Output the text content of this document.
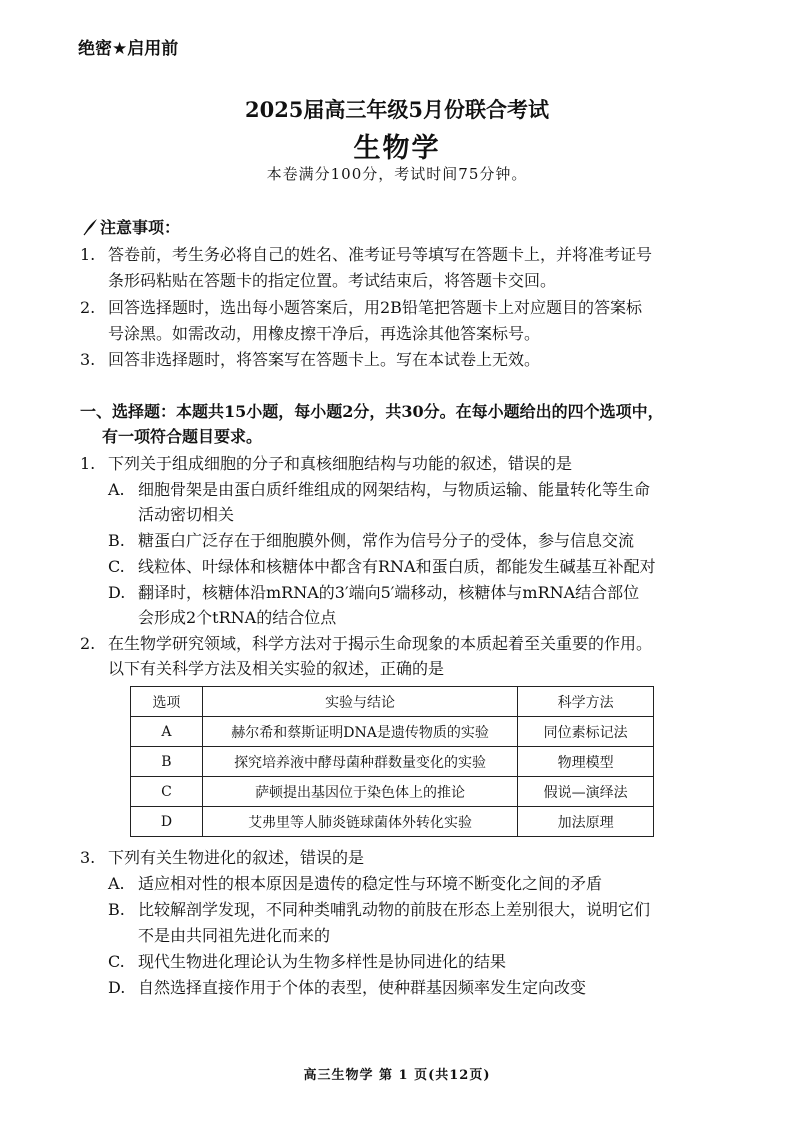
绝密★启用前
2025届高三年级5月份联合考试
生物学
本卷满分100分，考试时间75分钟。
注意事项：
1. 答卷前，考生务必将自己的姓名、准考证号等填写在答题卡上，并将准考证号
条形码粘贴在答题卡的指定位置。考试结束后，将答题卡交回。
2. 回答选择题时，选出每小题答案后，用2B铅笔把答题卡上对应题目的答案标
号涂黑。如需改动，用橡皮擦干净后，再选涂其他答案标号。
3. 回答非选择题时，将答案写在答题卡上。写在本试卷上无效。
一、选择题：本题共15小题，每小题2分，共30分。在每小题给出的四个选项中，
有一项符合题目要求。
1. 下列关于组成细胞的分子和真核细胞结构与功能的叙述，错误的是
A. 细胞骨架是由蛋白质纤维组成的网架结构，与物质运输、能量转化等生命
活动密切相关
B. 糖蛋白广泛存在于细胞膜外侧，常作为信号分子的受体，参与信息交流
C. 线粒体、叶绿体和核糖体中都含有RNA和蛋白质，都能发生碱基互补配对
D. 翻译时，核糖体沿mRNA的3′端向5′端移动，核糖体与mRNA结合部位
会形成2个tRNA的结合位点
2. 在生物学研究领域，科学方法对于揭示生命现象的本质起着至关重要的作用。
以下有关科学方法及相关实验的叙述，正确的是
选项	实验与结论	科学方法
A	赫尔希和蔡斯证明DNA是遗传物质的实验	同位素标记法
B	探究培养液中酵母菌种群数量变化的实验	物理模型
C	萨顿提出基因位于染色体上的推论	假说—演绎法
D	艾弗里等人肺炎链球菌体外转化实验	加法原理
3. 下列有关生物进化的叙述，错误的是
A. 适应相对性的根本原因是遗传的稳定性与环境不断变化之间的矛盾
B. 比较解剖学发现，不同种类哺乳动物的前肢在形态上差别很大，说明它们
不是由共同祖先进化而来的
C. 现代生物进化理论认为生物多样性是协同进化的结果
D. 自然选择直接作用于个体的表型，使种群基因频率发生定向改变
高三生物学 第 1 页(共12页)
